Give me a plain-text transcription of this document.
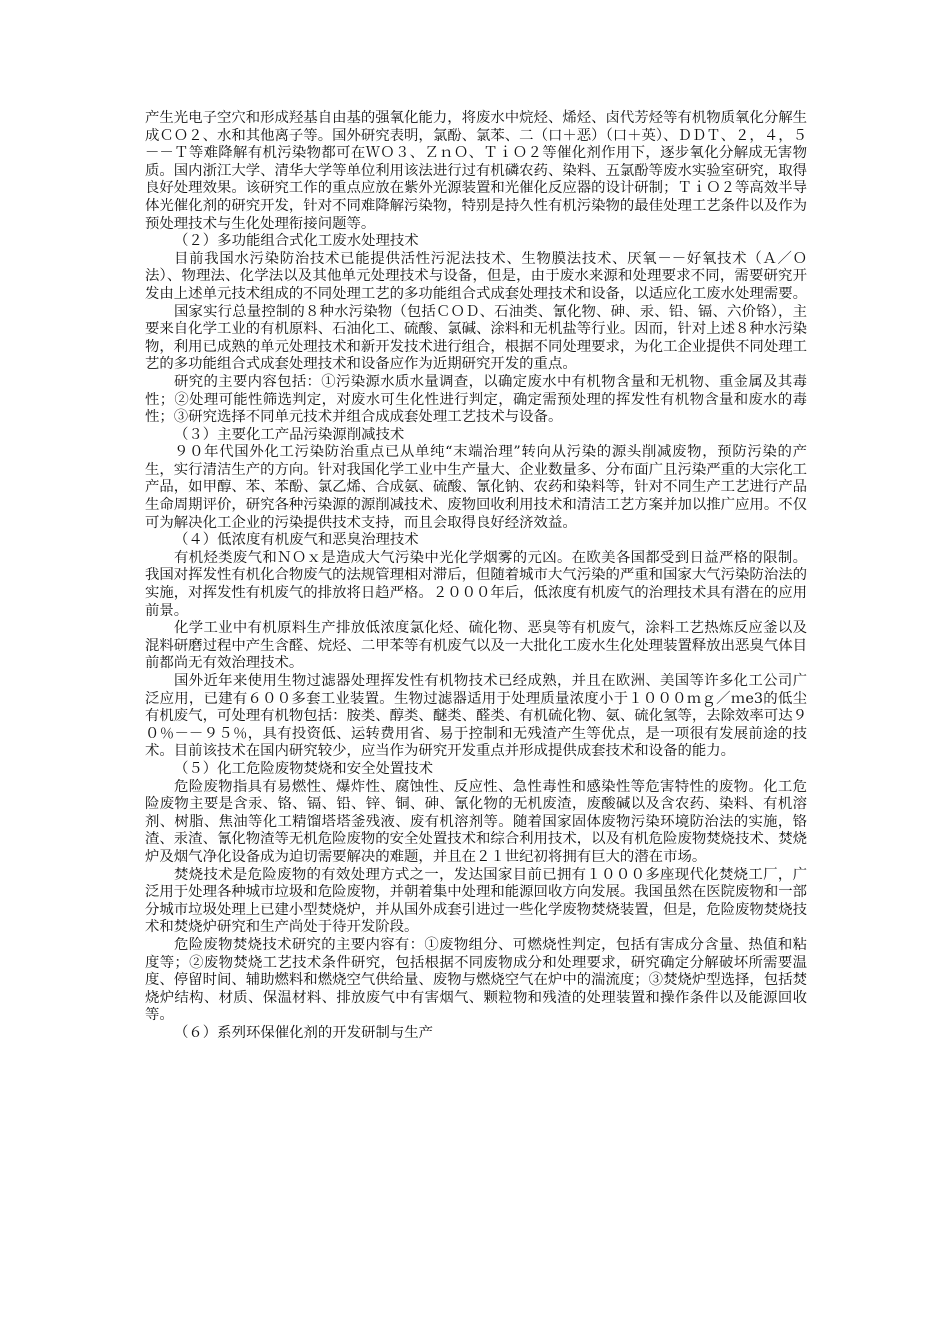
产生光电子空穴和形成羟基自由基的强氧化能力，将废水中烷烃、烯烃、卤代芳烃等有机物质氧化分解生成ＣＯ２、水和其他离子等。国外研究表明，氯酚、氯苯、二（口＋恶）（口＋英）、ＤＤＴ、２，４，５－－Ｔ等难降解有机污染物都可在ＷＯ３、ＺｎＯ、ＴｉＯ２等催化剂作用下，逐步氧化分解成无害物质。国内浙江大学、清华大学等单位利用该法进行过有机磷农药、染料、五氯酚等废水实验室研究，取得良好处理效果。该研究工作的重点应放在紫外光源装置和光催化反应器的设计研制；ＴｉＯ２等高效半导体光催化剂的研究开发，针对不同难降解污染物，特别是持久性有机污染物的最佳处理工艺条件以及作为预处理技术与生化处理衔接问题等。

（２）多功能组合式化工废水处理技术

目前我国水污染防治技术已能提供活性污泥法技术、生物膜法技术、厌氧－－好氧技术（Ａ／Ｏ法）、物理法、化学法以及其他单元处理技术与设备，但是，由于废水来源和处理要求不同，需要研究开发由上述单元技术组成的不同处理工艺的多功能组合式成套处理技术和设备，以适应化工废水处理需要。

国家实行总量控制的８种水污染物（包括ＣＯＤ、石油类、氰化物、砷、汞、铅、镉、六价铬），主要来自化学工业的有机原料、石油化工、硫酸、氯碱、涂料和无机盐等行业。因而，针对上述８种水污染物，利用已成熟的单元处理技术和新开发技术进行组合，根据不同处理要求，为化工企业提供不同处理工艺的多功能组合式成套处理技术和设备应作为近期研究开发的重点。

研究的主要内容包括：①污染源水质水量调查，以确定废水中有机物含量和无机物、重金属及其毒性；②处理可能性筛选判定，对废水可生化性进行判定，确定需预处理的挥发性有机物含量和废水的毒性；③研究选择不同单元技术并组合成成套处理工艺技术与设备。

（３）主要化工产品污染源削减技术

９０年代国外化工污染防治重点已从单纯“末端治理”转向从污染的源头削减废物，预防污染的产生，实行清洁生产的方向。针对我国化学工业中生产量大、企业数量多、分布面广且污染严重的大宗化工产品，如甲醇、苯、苯酚、氯乙烯、合成氨、硫酸、氰化钠、农药和染料等，针对不同生产工艺进行产品生命周期评价，研究各种污染源的源削减技术、废物回收利用技术和清洁工艺方案并加以推广应用。不仅可为解决化工企业的污染提供技术支持，而且会取得良好经济效益。

（４）低浓度有机废气和恶臭治理技术

有机烃类废气和ＮＯｘ是造成大气污染中光化学烟雾的元凶。在欧美各国都受到日益严格的限制。我国对挥发性有机化合物废气的法规管理相对滞后，但随着城市大气污染的严重和国家大气污染防治法的实施，对挥发性有机废气的排放将日趋严格。２０００年后，低浓度有机废气的治理技术具有潜在的应用前景。

化学工业中有机原料生产排放低浓度氯化烃、硫化物、恶臭等有机废气，涂料工艺热炼反应釜以及混料研磨过程中产生含醛、烷烃、二甲苯等有机废气以及一大批化工废水生化处理装置释放出恶臭气体目前都尚无有效治理技术。

国外近年来使用生物过滤器处理挥发性有机物技术已经成熟，并且在欧洲、美国等许多化工公司广泛应用，已建有６００多套工业装置。生物过滤器适用于处理质量浓度小于１０００ｍｇ／ｍe3的低尘有机废气，可处理有机物包括：胺类、醇类、醚类、醛类、有机硫化物、氨、硫化氢等，去除效率可达９０％－－９５％，具有投资低、运转费用省、易于控制和无残渣产生等优点，是一项很有发展前途的技术。目前该技术在国内研究较少，应当作为研究开发重点并形成提供成套技术和设备的能力。

（５）化工危险废物焚烧和安全处置技术

危险废物指具有易燃性、爆炸性、腐蚀性、反应性、急性毒性和感染性等危害特性的废物。化工危险废物主要是含汞、铬、镉、铅、锌、铜、砷、氰化物的无机废渣，废酸碱以及含农药、染料、有机溶剂、树脂、焦油等化工精馏塔塔釜残液、废有机溶剂等。随着国家固体废物污染环境防治法的实施，铬渣、汞渣、氰化物渣等无机危险废物的安全处置技术和综合利用技术，以及有机危险废物焚烧技术、焚烧炉及烟气净化设备成为迫切需要解决的难题，并且在２１世纪初将拥有巨大的潜在市场。

焚烧技术是危险废物的有效处理方式之一，发达国家目前已拥有１０００多座现代化焚烧工厂，广泛用于处理各种城市垃圾和危险废物，并朝着集中处理和能源回收方向发展。我国虽然在医院废物和一部分城市垃圾处理上已建小型焚烧炉，并从国外成套引进过一些化学废物焚烧装置，但是，危险废物焚烧技术和焚烧炉研究和生产尚处于待开发阶段。

危险废物焚烧技术研究的主要内容有：①废物组分、可燃烧性判定，包括有害成分含量、热值和粘度等；②废物焚烧工艺技术条件研究，包括根据不同废物成分和处理要求，研究确定分解破坏所需要温度、停留时间、辅助燃料和燃烧空气供给量、废物与燃烧空气在炉中的湍流度；③焚烧炉型选择，包括焚烧炉结构、材质、保温材料、排放废气中有害烟气、颗粒物和残渣的处理装置和操作条件以及能源回收等。

（６）系列环保催化剂的开发研制与生产
